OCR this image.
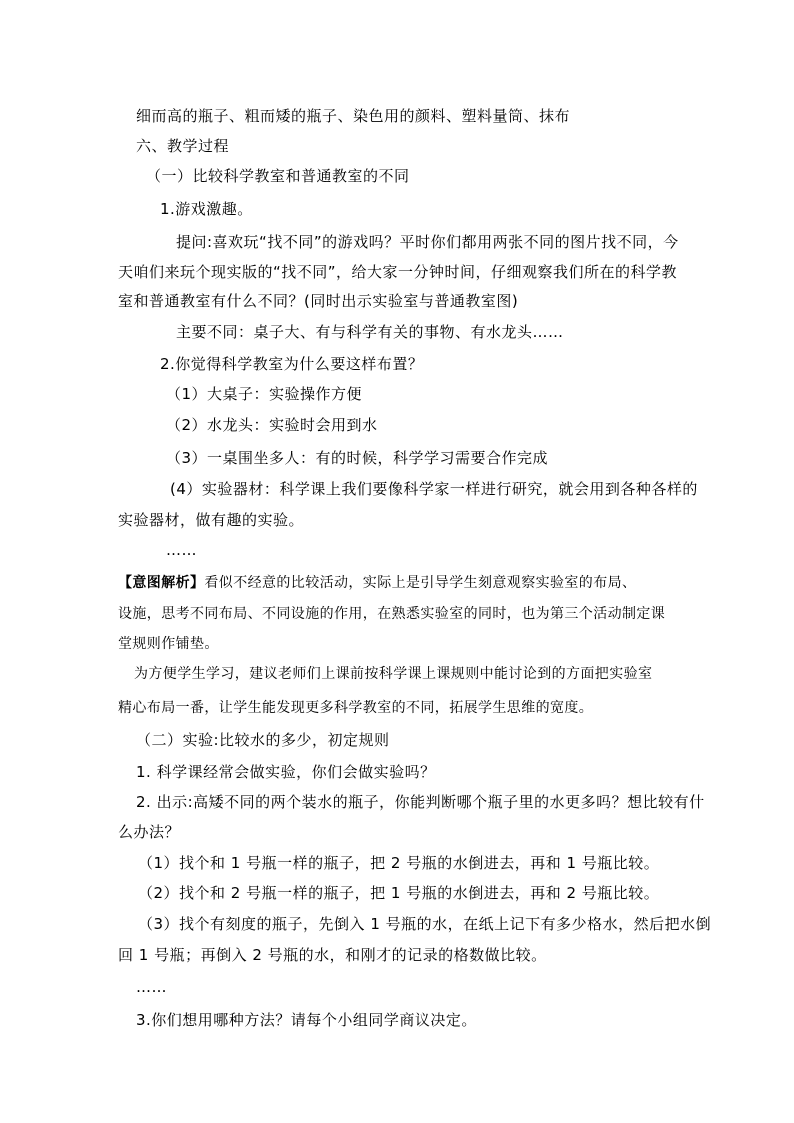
细而高的瓶子、粗而矮的瓶子、染色用的颜料、塑料量筒、抹布
六、教学过程
（一）比较科学教室和普通教室的不同
1.游戏激趣。
提问:喜欢玩“找不同”的游戏吗？平时你们都用两张不同的图片找不同，今
天咱们来玩个现实版的“找不同”，给大家一分钟时间，仔细观察我们所在的科学教
室和普通教室有什么不同？(同时出示实验室与普通教室图)
主要不同：桌子大、有与科学有关的事物、有水龙头……
2.你觉得科学教室为什么要这样布置？
（1）大桌子：实验操作方便
（2）水龙头：实验时会用到水
（3）一桌围坐多人：有的时候，科学学习需要合作完成
(4）实验器材：科学课上我们要像科学家一样进行研究，就会用到各种各样的
实验器材，做有趣的实验。
……
【意图解析】看似不经意的比较活动，实际上是引导学生刻意观察实验室的布局、
设施，思考不同布局、不同设施的作用，在熟悉实验室的同时，也为第三个活动制定课
堂规则作铺垫。
为方便学生学习，建议老师们上课前按科学课上课规则中能讨论到的方面把实验室
精心布局一番，让学生能发现更多科学教室的不同，拓展学生思维的宽度。
（二）实验:比较水的多少，初定规则
1. 科学课经常会做实验，你们会做实验吗？
2. 出示:高矮不同的两个装水的瓶子，你能判断哪个瓶子里的水更多吗？想比较有什
么办法？
（1）找个和 1 号瓶一样的瓶子，把 2 号瓶的水倒进去，再和 1 号瓶比较。
（2）找个和 2 号瓶一样的瓶子，把 1 号瓶的水倒进去，再和 2 号瓶比较。
（3）找个有刻度的瓶子，先倒入 1 号瓶的水，在纸上记下有多少格水，然后把水倒
回 1 号瓶；再倒入 2 号瓶的水，和刚才的记录的格数做比较。
……
3.你们想用哪种方法？请每个小组同学商议决定。
